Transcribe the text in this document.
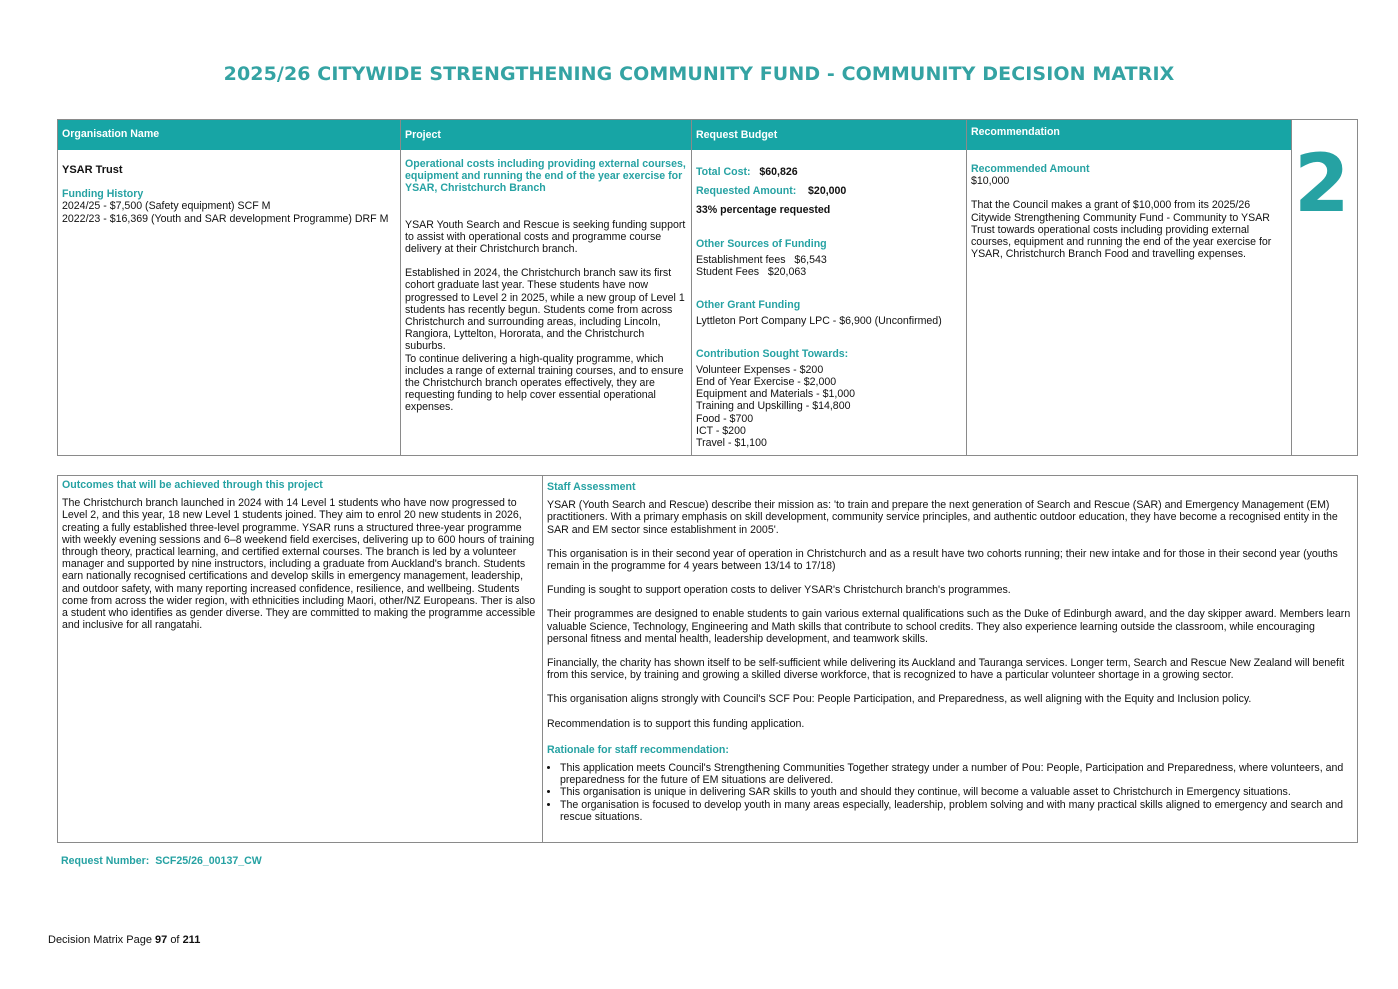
2025/26 CITYWIDE STRENGTHENING COMMUNITY FUND - COMMUNITY DECISION MATRIX
Organisation Name

YSAR Trust

Funding History

2024/25 - $7,500 (Safety equipment) SCF M

2022/23 - $16,369 (Youth and SAR development Programme) DRF M

Project

Operational costs including providing external courses, equipment and running the end of the year exercise for YSAR, Christchurch Branch

YSAR Youth Search and Rescue is seeking funding support to assist with operational costs and programme course delivery at their Christchurch branch.

Established in 2024, the Christchurch branch saw its first cohort graduate last year. These students have now progressed to Level 2 in 2025, while a new group of Level 1 students has recently begun. Students come from across Christchurch and surrounding areas, including Lincoln, Rangiora, Lyttelton, Hororata, and the Christchurch suburbs.

To continue delivering a high-quality programme, which includes a range of external training courses, and to ensure the Christchurch branch operates effectively, they are requesting funding to help cover essential operational expenses.

Request Budget

Total Cost: $60,826

Requested Amount: $20,000

33% percentage requested

Other Sources of Funding

Establishment fees $6,543

Student Fees $20,063

Other Grant Funding

Lyttleton Port Company LPC - $6,900 (Unconfirmed)

Contribution Sought Towards:

Volunteer Expenses - $200

End of Year Exercise - $2,000

Equipment and Materials - $1,000

Training and Upskilling - $14,800

Food - $700

ICT - $200

Travel - $1,100

Recommendation

Recommended Amount

$10,000

That the Council makes a grant of $10,000 from its 2025/26 Citywide Strengthening Community Fund - Community to YSAR Trust towards operational costs including providing external courses, equipment and running the end of the year exercise for YSAR, Christchurch Branch Food and travelling expenses.

2

Outcomes that will be achieved through this project

The Christchurch branch launched in 2024 with 14 Level 1 students who have now progressed to Level 2, and this year, 18 new Level 1 students joined. They aim to enrol 20 new students in 2026, creating a fully established three-level programme. YSAR runs a structured three-year programme with weekly evening sessions and 6–8 weekend field exercises, delivering up to 600 hours of training through theory, practical learning, and certified external courses. The branch is led by a volunteer manager and supported by nine instructors, including a graduate from Auckland's branch. Students earn nationally recognised certifications and develop skills in emergency management, leadership, and outdoor safety, with many reporting increased confidence, resilience, and wellbeing. Students come from across the wider region, with ethnicities including Maori, other/NZ Europeans. Ther is also a student who identifies as gender diverse. They are committed to making the programme accessible and inclusive for all rangatahi.

Staff Assessment

YSAR (Youth Search and Rescue) describe their mission as: 'to train and prepare the next generation of Search and Rescue (SAR) and Emergency Management (EM) practitioners. With a primary emphasis on skill development, community service principles, and authentic outdoor education, they have become a recognised entity in the SAR and EM sector since establishment in 2005'.

This organisation is in their second year of operation in Christchurch and as a result have two cohorts running; their new intake and for those in their second year (youths remain in the programme for 4 years between 13/14 to 17/18)

Funding is sought to support operation costs to deliver YSAR's Christchurch branch's programmes.

Their programmes are designed to enable students to gain various external qualifications such as the Duke of Edinburgh award, and the day skipper award. Members learn valuable Science, Technology, Engineering and Math skills that contribute to school credits. They also experience learning outside the classroom, while encouraging personal fitness and mental health, leadership development, and teamwork skills.

Financially, the charity has shown itself to be self-sufficient while delivering its Auckland and Tauranga services. Longer term, Search and Rescue New Zealand will benefit from this service, by training and growing a skilled diverse workforce, that is recognized to have a particular volunteer shortage in a growing sector.

This organisation aligns strongly with Council's SCF Pou: People Participation, and Preparedness, as well aligning with the Equity and Inclusion policy.

Recommendation is to support this funding application.

Rationale for staff recommendation:

• This application meets Council's Strengthening Communities Together strategy under a number of Pou: People, Participation and Preparedness, where volunteers, and preparedness for the future of EM situations are delivered.
• This organisation is unique in delivering SAR skills to youth and should they continue, will become a valuable asset to Christchurch in Emergency situations.
• The organisation is focused to develop youth in many areas especially, leadership, problem solving and with many practical skills aligned to emergency and search and rescue situations.
Request Number: SCF25/26_00137_CW
Decision Matrix Page 97 of 211
